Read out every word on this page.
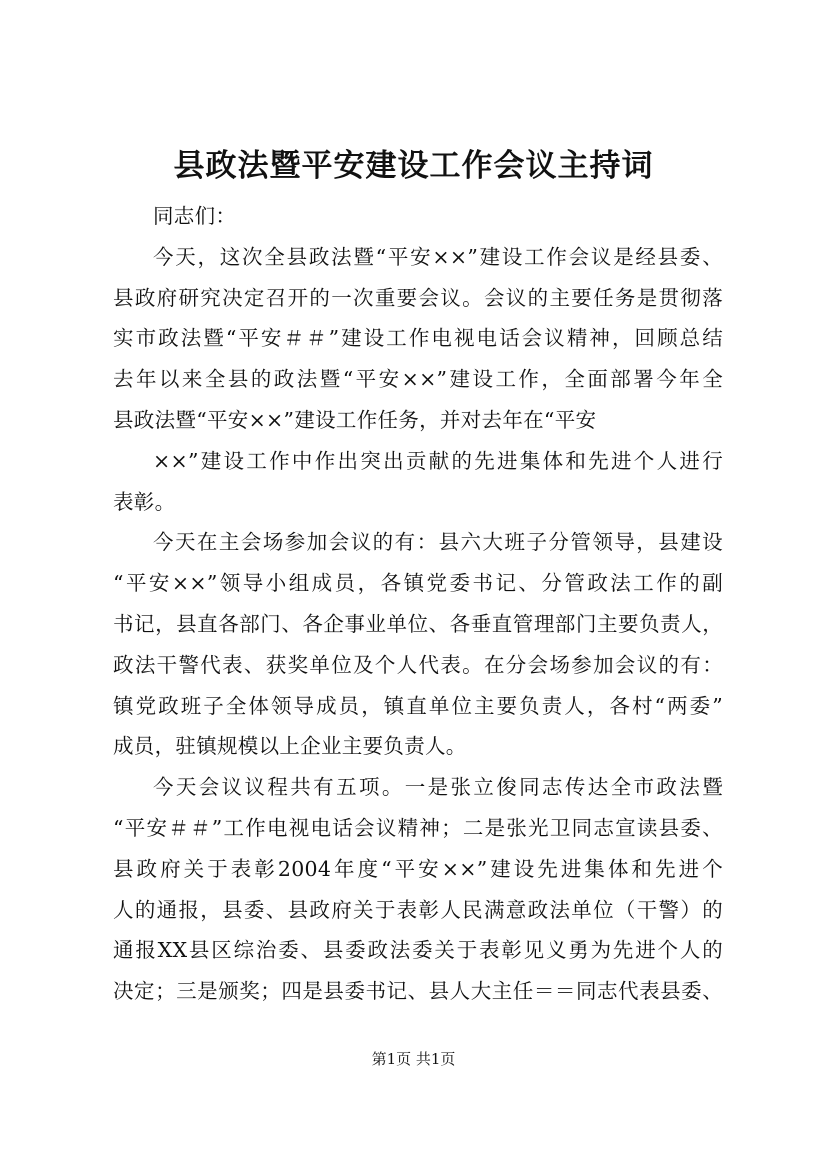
县政法暨平安建设工作会议主持词
同志们：
今天，这次全县政法暨“平安××”建设工作会议是经县委、
县政府研究决定召开的一次重要会议。会议的主要任务是贯彻落
实市政法暨“平安＃＃”建设工作电视电话会议精神，回顾总结
去年以来全县的政法暨“平安××”建设工作，全面部署今年全
县政法暨“平安××”建设工作任务，并对去年在“平安
××”建设工作中作出突出贡献的先进集体和先进个人进行
表彰。
今天在主会场参加会议的有：县六大班子分管领导，县建设
“平安××”领导小组成员，各镇党委书记、分管政法工作的副
书记，县直各部门、各企事业单位、各垂直管理部门主要负责人，
政法干警代表、获奖单位及个人代表。在分会场参加会议的有：
镇党政班子全体领导成员，镇直单位主要负责人，各村“两委”
成员，驻镇规模以上企业主要负责人。
今天会议议程共有五项。一是张立俊同志传达全市政法暨
“平安＃＃”工作电视电话会议精神；二是张光卫同志宣读县委、
县政府关于表彰2004年度“平安××”建设先进集体和先进个
人的通报，县委、县政府关于表彰人民满意政法单位（干警）的
通报XX县区综治委、县委政法委关于表彰见义勇为先进个人的
决定；三是颁奖；四是县委书记、县人大主任＝＝同志代表县委、
第1页 共1页
